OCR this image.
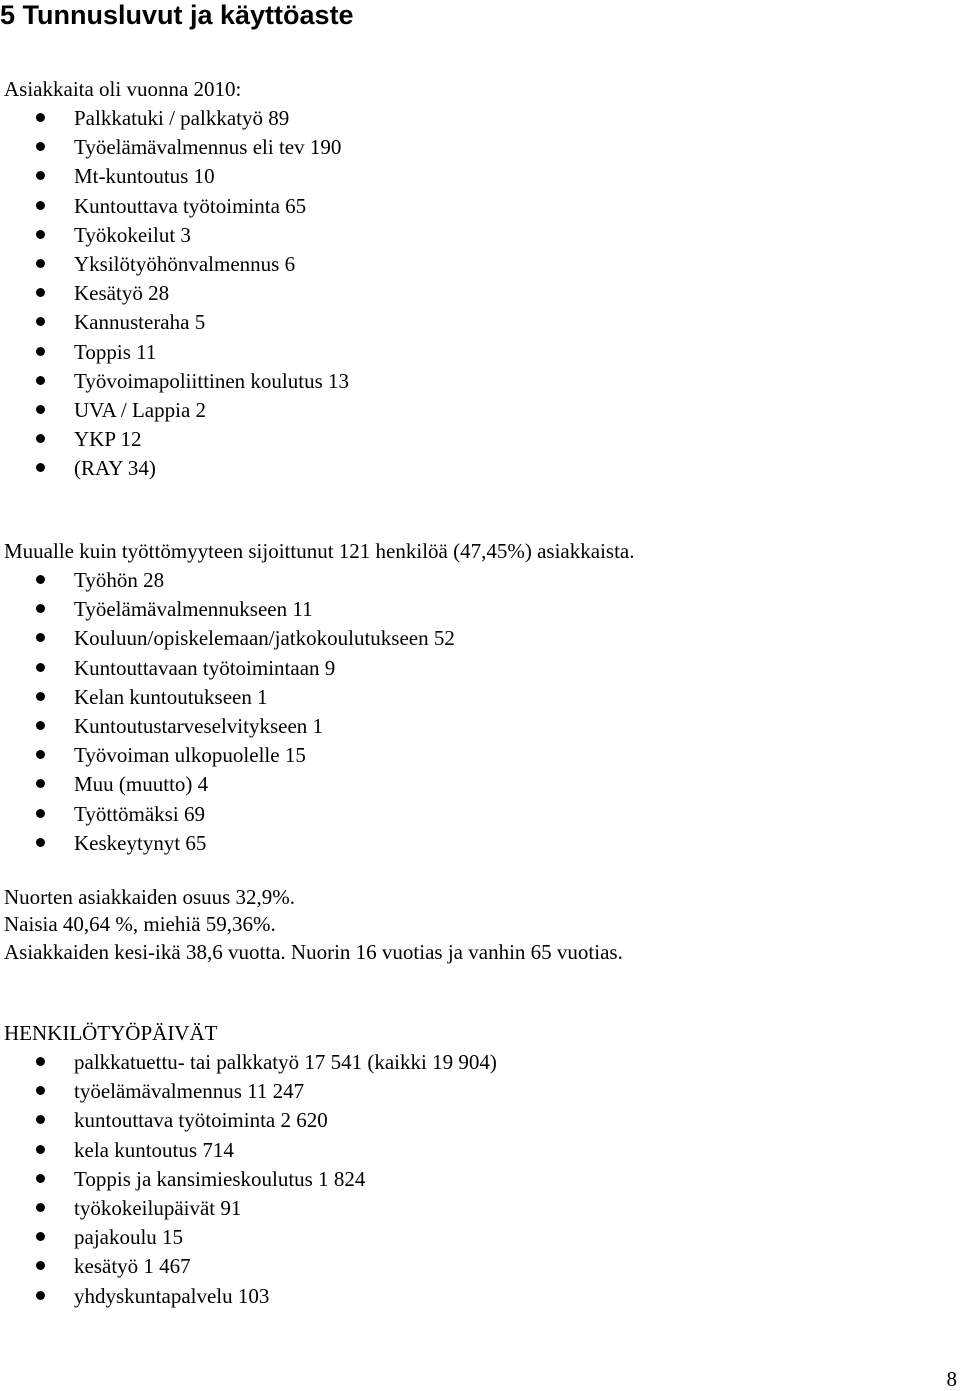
5 Tunnusluvut ja käyttöaste

Asiakkaita oli vuonna 2010:

Palkkatuki / palkkatyö 89
Työelämävalmennus eli tev 190
Mt-kuntoutus 10
Kuntouttava työtoiminta 65
Työkokeilut 3
Yksilötyöhönvalmennus 6
Kesätyö 28
Kannusteraha 5
Toppis 11
Työvoimapoliittinen koulutus 13
UVA / Lappia 2
YKP 12
(RAY 34)

Muualle kuin työttömyyteen sijoittunut 121 henkilöä (47,45%) asiakkaista.

Työhön 28
Työelämävalmennukseen 11
Kouluun/opiskelemaan/jatkokoulutukseen 52
Kuntouttavaan työtoimintaan 9
Kelan kuntoutukseen 1
Kuntoutustarveselvitykseen 1
Työvoiman ulkopuolelle 15
Muu (muutto) 4
Työttömäksi 69
Keskeytynyt 65

Nuorten asiakkaiden osuus 32,9%.

Naisia 40,64 %, miehiä 59,36%.

Asiakkaiden kesi-ikä 38,6 vuotta. Nuorin 16 vuotias ja vanhin 65 vuotias.

HENKILÖTYÖPÄIVÄT

palkkatuettu- tai palkkatyö 17 541 (kaikki 19 904)
työelämävalmennus 11 247
kuntouttava työtoiminta 2 620
kela kuntoutus 714
Toppis ja kansimieskoulutus 1 824
työkokeilupäivät 91
pajakoulu 15
kesätyö 1 467
yhdyskuntapalvelu 103
8
